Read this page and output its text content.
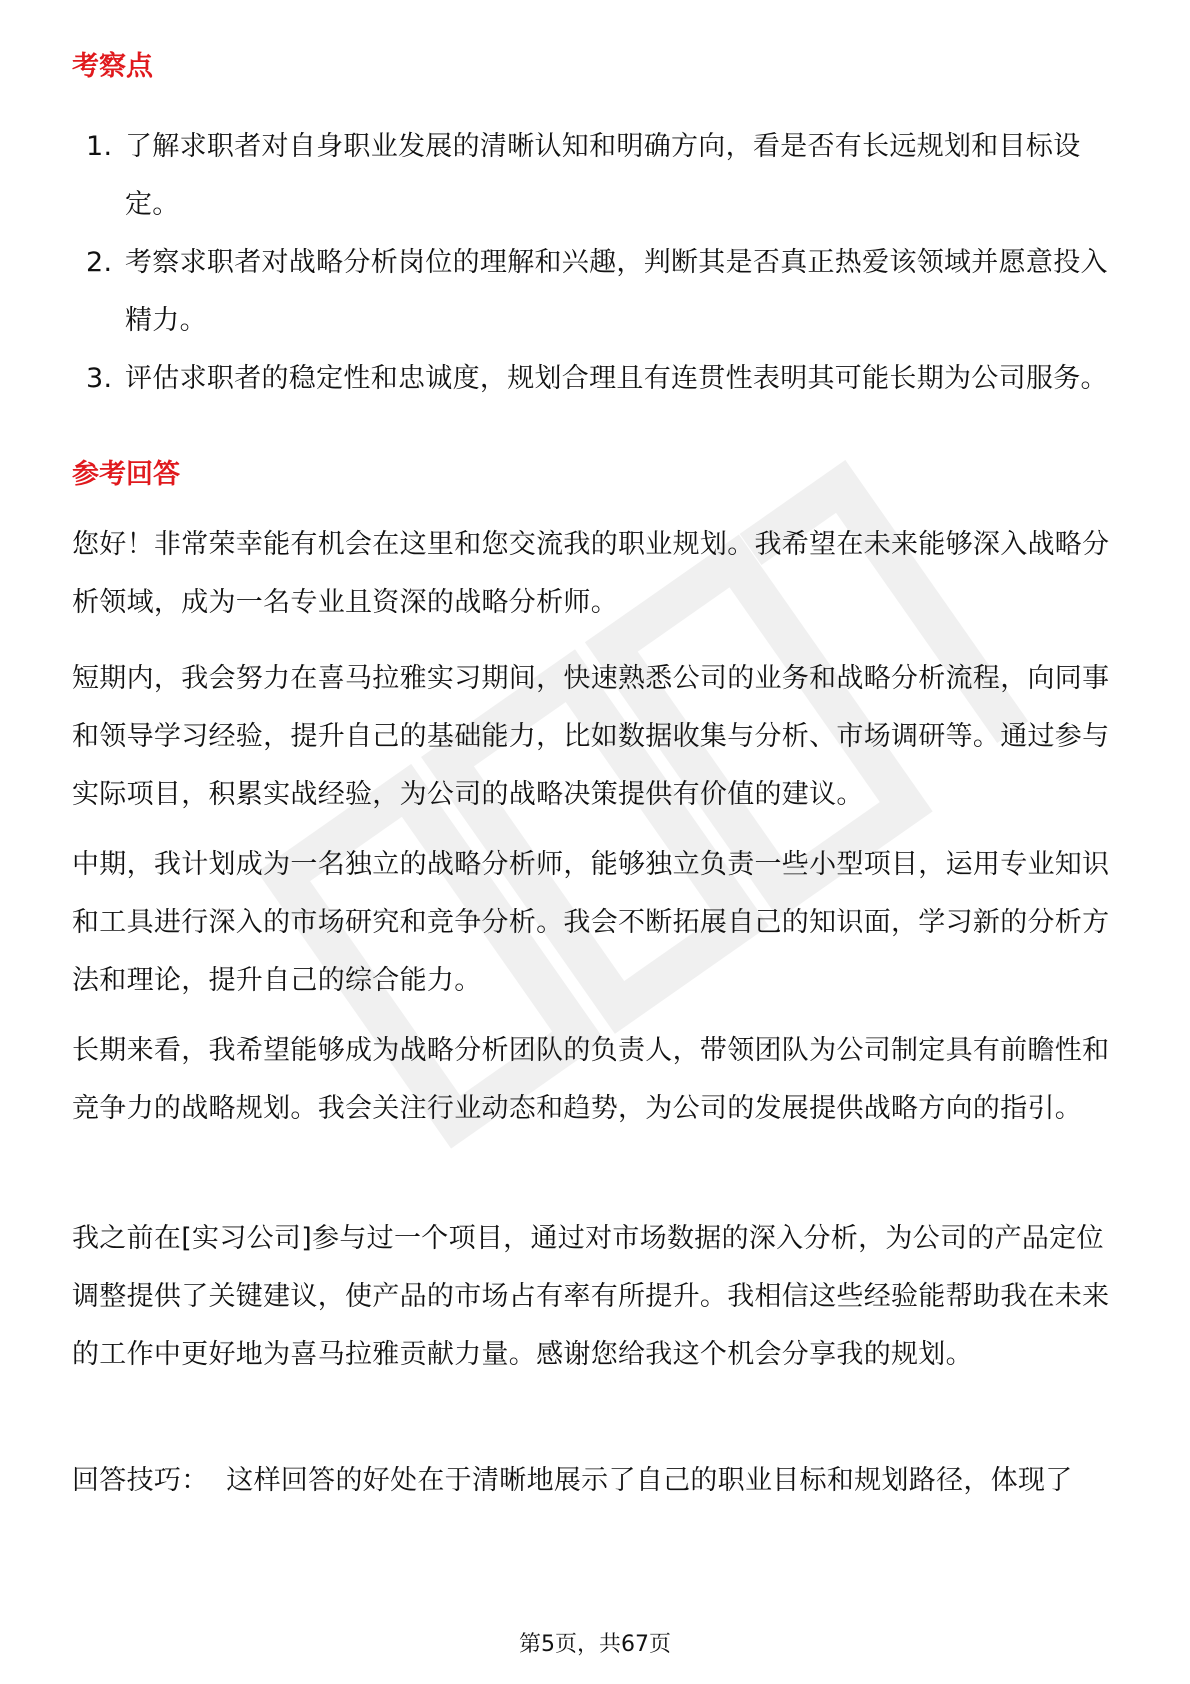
考察点
1. 了解求职者对自身职业发展的清晰认知和明确方向，看是否有长远规划和目标设定。
2. 考察求职者对战略分析岗位的理解和兴趣，判断其是否真正热爱该领域并愿意投入精力。
3. 评估求职者的稳定性和忠诚度，规划合理且有连贯性表明其可能长期为公司服务。
参考回答

您好！非常荣幸能有机会在这里和您交流我的职业规划。我希望在未来能够深入战略分析领域，成为一名专业且资深的战略分析师。

短期内，我会努力在喜马拉雅实习期间，快速熟悉公司的业务和战略分析流程，向同事和领导学习经验，提升自己的基础能力，比如数据收集与分析、市场调研等。通过参与实际项目，积累实战经验，为公司的战略决策提供有价值的建议。

中期，我计划成为一名独立的战略分析师，能够独立负责一些小型项目，运用专业知识和工具进行深入的市场研究和竞争分析。我会不断拓展自己的知识面，学习新的分析方法和理论，提升自己的综合能力。

长期来看，我希望能够成为战略分析团队的负责人，带领团队为公司制定具有前瞻性和竞争力的战略规划。我会关注行业动态和趋势，为公司的发展提供战略方向的指引。

我之前在[实习公司]参与过一个项目，通过对市场数据的深入分析，为公司的产品定位调整提供了关键建议，使产品的市场占有率有所提升。我相信这些经验能帮助我在未来的工作中更好地为喜马拉雅贡献力量。感谢您给我这个机会分享我的规划。

回答技巧：  这样回答的好处在于清晰地展示了自己的职业目标和规划路径，体现了

第5页，共67页
